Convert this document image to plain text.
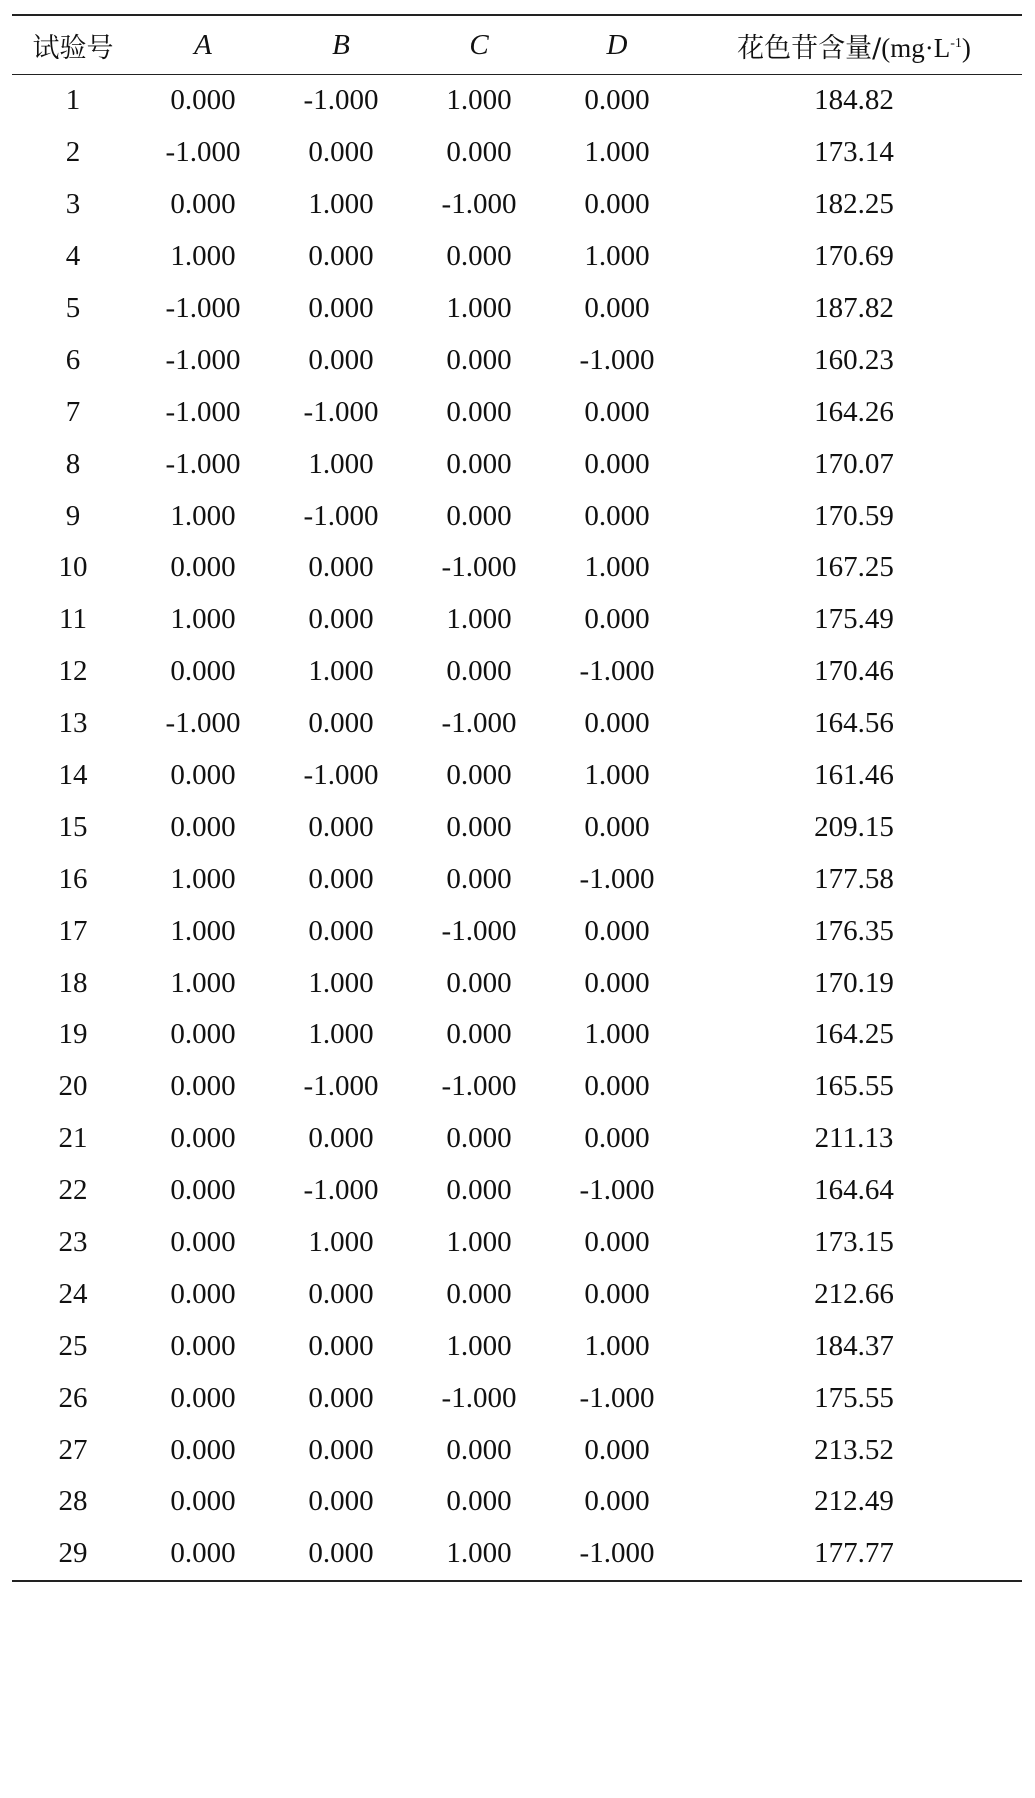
试验号	A	B	C	D	花色苷含量$/(mg\cdot L^{-1})$
1	0.000	-1.000	1.000	0.000	184.82
2	-1.000	0.000	0.000	1.000	173.14
3	0.000	1.000	-1.000	0.000	182.25
4	1.000	0.000	0.000	1.000	170.69
5	-1.000	0.000	1.000	0.000	187.82
6	-1.000	0.000	0.000	-1.000	160.23
7	-1.000	-1.000	0.000	0.000	164.26
8	-1.000	1.000	0.000	0.000	170.07
9	1.000	-1.000	0.000	0.000	170.59
10	0.000	0.000	-1.000	1.000	167.25
11	1.000	0.000	1.000	0.000	175.49
12	0.000	1.000	0.000	-1.000	170.46
13	-1.000	0.000	-1.000	0.000	164.56
14	0.000	-1.000	0.000	1.000	161.46
15	0.000	0.000	0.000	0.000	209.15
16	1.000	0.000	0.000	-1.000	177.58
17	1.000	0.000	-1.000	0.000	176.35
18	1.000	1.000	0.000	0.000	170.19
19	0.000	1.000	0.000	1.000	164.25
20	0.000	-1.000	-1.000	0.000	165.55
21	0.000	0.000	0.000	0.000	211.13
22	0.000	-1.000	0.000	-1.000	164.64
23	0.000	1.000	1.000	0.000	173.15
24	0.000	0.000	0.000	0.000	212.66
25	0.000	0.000	1.000	1.000	184.37
26	0.000	0.000	-1.000	-1.000	175.55
27	0.000	0.000	0.000	0.000	213.52
28	0.000	0.000	0.000	0.000	212.49
29	0.000	0.000	1.000	-1.000	177.77
